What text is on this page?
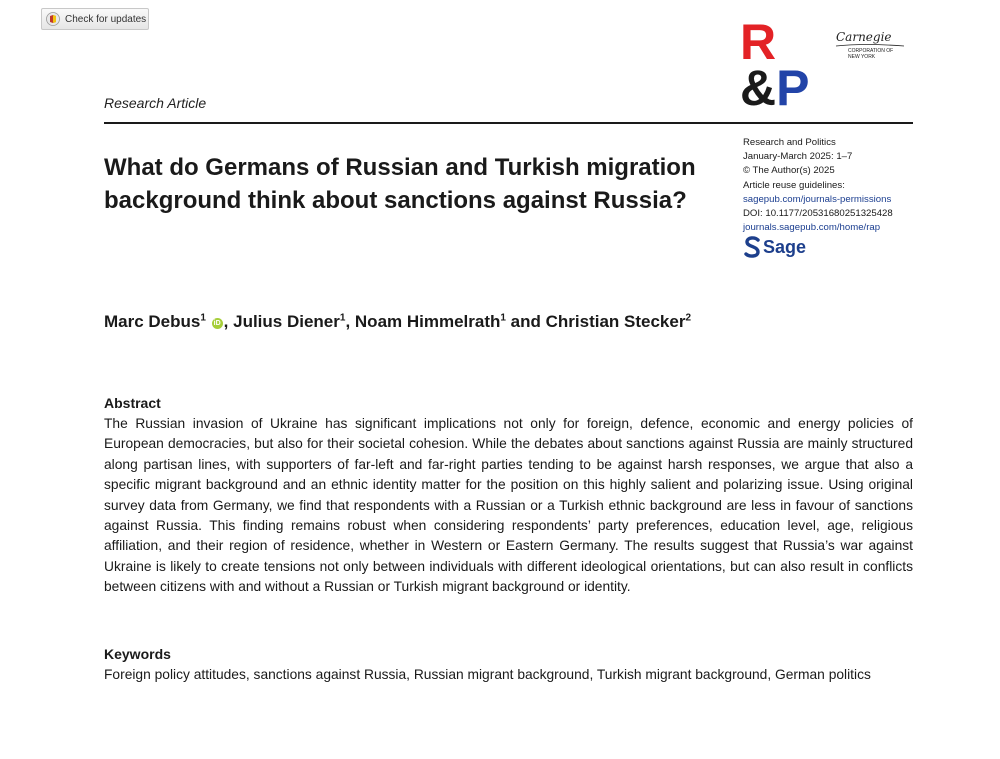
Check for updates	R
&P
Carnegie
CORPORATION OF NEW YORK
Research Article
What do Germans of Russian and Turkish migration background think about sanctions against Russia?
Research and Politics
January-March 2025: 1–7
© The Author(s) 2025
Article reuse guidelines:
sagepub.com/journals-permissions
DOI: 10.1177/20531680251325428
journals.sagepub.com/home/rap
Sage
Marc Debus$^1$ iD , Julius Diener$^1$, Noam Himmelrath$^1$ and Christian Stecker$^2$
Abstract
The Russian invasion of Ukraine has significant implications not only for foreign, defence, economic and energy policies of European democracies, but also for their societal cohesion. While the debates about sanctions against Russia are mainly structured along partisan lines, with supporters of far-left and far-right parties tending to be against harsh responses, we argue that also a specific migrant background and an ethnic identity matter for the position on this highly salient and polarizing issue. Using original survey data from Germany, we find that respondents with a Russian or a Turkish ethnic background are less in favour of sanctions against Russia. This finding remains robust when considering respondents’ party preferences, education level, age, religious affiliation, and their region of residence, whether in Western or Eastern Germany. The results suggest that Russia’s war against Ukraine is likely to create tensions not only between individuals with different ideological orientations, but can also result in conflicts between citizens with and without a Russian or Turkish migrant background or identity.
Keywords
Foreign policy attitudes, sanctions against Russia, Russian migrant background, Turkish migrant background, German politics
